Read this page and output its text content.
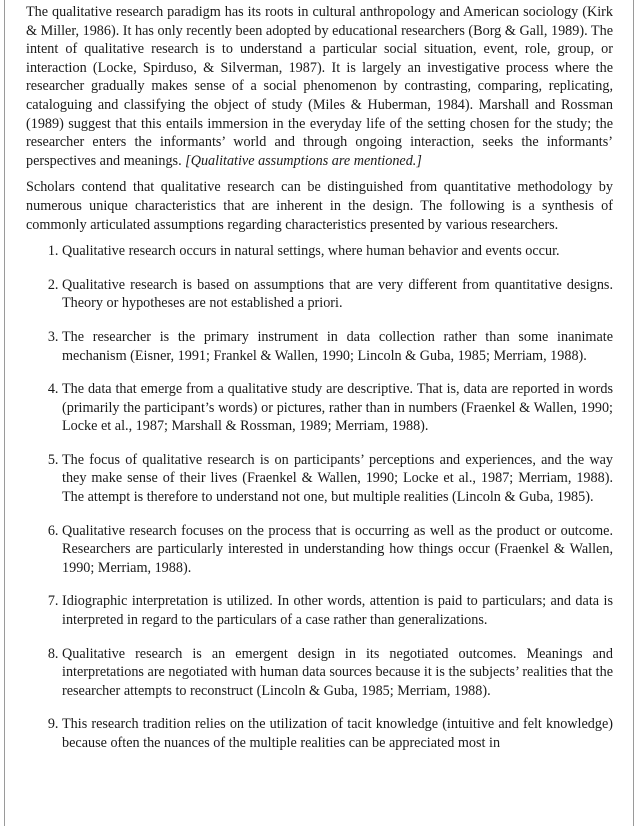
The qualitative research paradigm has its roots in cultural anthropology and American sociology (Kirk & Miller, 1986). It has only recently been adopted by educational researchers (Borg & Gall, 1989). The intent of qualitative research is to understand a particular social situation, event, role, group, or interaction (Locke, Spirduso, & Silverman, 1987). It is largely an investigative process where the researcher gradually makes sense of a social phenomenon by contrasting, comparing, replicating, cataloguing and classifying the object of study (Miles & Huberman, 1984). Marshall and Rossman (1989) suggest that this entails immersion in the everyday life of the setting chosen for the study; the researcher enters the informants’ world and through ongoing interaction, seeks the informants’ perspectives and meanings. [Qualitative assumptions are mentioned.]

Scholars contend that qualitative research can be distinguished from quantitative methodology by numerous unique characteristics that are inherent in the design. The following is a synthesis of commonly articulated assumptions regarding characteristics presented by various researchers.

1. Qualitative research occurs in natural settings, where human behavior and events occur.
2. Qualitative research is based on assumptions that are very different from quantitative designs. Theory or hypotheses are not established a priori.
3. The researcher is the primary instrument in data collection rather than some inanimate mechanism (Eisner, 1991; Frankel & Wallen, 1990; Lincoln & Guba, 1985; Merriam, 1988).
4. The data that emerge from a qualitative study are descriptive. That is, data are reported in words (primarily the participant’s words) or pictures, rather than in numbers (Fraenkel & Wallen, 1990; Locke et al., 1987; Marshall & Rossman, 1989; Merriam, 1988).
5. The focus of qualitative research is on participants’ perceptions and experiences, and the way they make sense of their lives (Fraenkel & Wallen, 1990; Locke et al., 1987; Merriam, 1988). The attempt is therefore to understand not one, but multiple realities (Lincoln & Guba, 1985).
6. Qualitative research focuses on the process that is occurring as well as the product or outcome. Researchers are particularly interested in understanding how things occur (Fraenkel & Wallen, 1990; Merriam, 1988).
7. Idiographic interpretation is utilized. In other words, attention is paid to particulars; and data is interpreted in regard to the particulars of a case rather than generalizations.
8. Qualitative research is an emergent design in its negotiated outcomes. Meanings and interpretations are negotiated with human data sources because it is the subjects’ realities that the researcher attempts to reconstruct (Lincoln & Guba, 1985; Merriam, 1988).
9. This research tradition relies on the utilization of tacit knowledge (intuitive and felt knowledge) because often the nuances of the multiple realities can be appreciated most in
